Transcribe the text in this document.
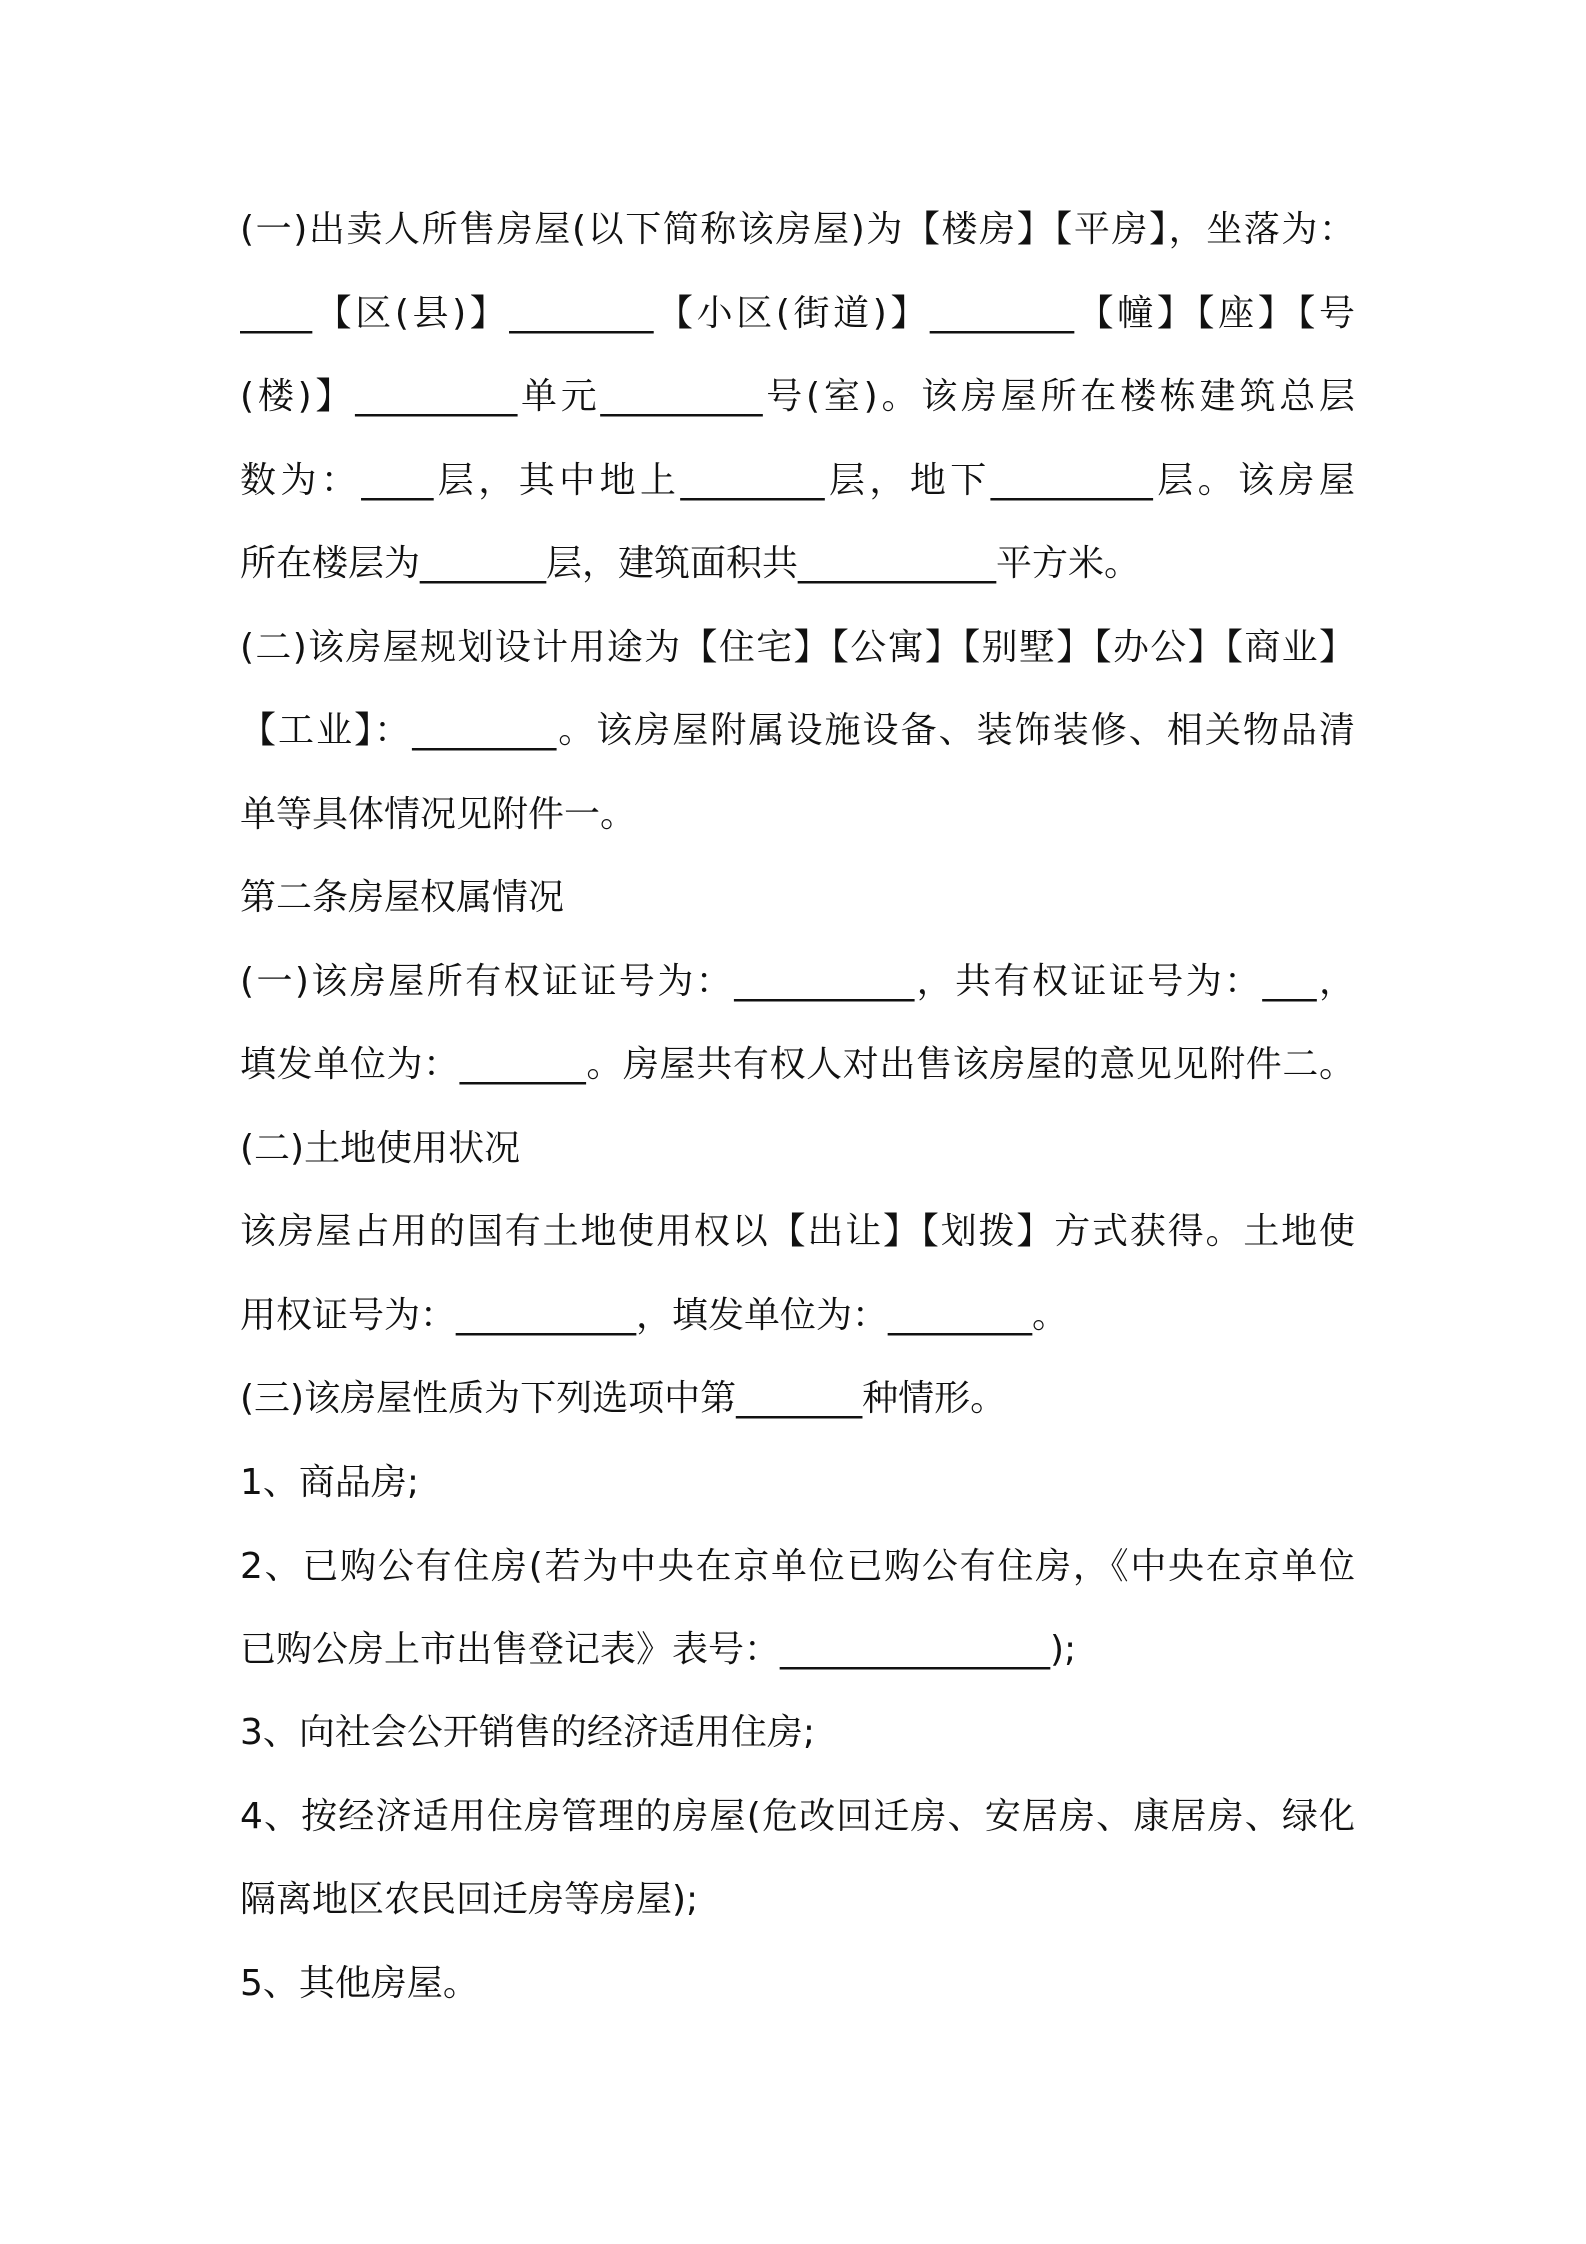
(一)出卖人所售房屋(以下简称该房屋)为【楼房】【平房】，坐落为：
____【区(县)】________【小区(街道)】________【幢】【座】【号
(楼)】_________单元_________号(室)。该房屋所在楼栋建筑总层
数为：____层，其中地上________层，地下_________层。该房屋
所在楼层为_______层，建筑面积共___________平方米。
(二)该房屋规划设计用途为【住宅】【公寓】【别墅】【办公】【商业】
【工业】：________。该房屋附属设施设备、装饰装修、相关物品清
单等具体情况见附件一。
第二条房屋权属情况
(一)该房屋所有权证证号为：__________，共有权证证号为：___，
填发单位为：_______。房屋共有权人对出售该房屋的意见见附件二。
(二)土地使用状况
该房屋占用的国有土地使用权以【出让】【划拨】方式获得。土地使
用权证号为：__________，填发单位为：________。
(三)该房屋性质为下列选项中第_______种情形。
1、商品房;
2、已购公有住房(若为中央在京单位已购公有住房，《中央在京单位
已购公房上市出售登记表》表号：_______________);
3、向社会公开销售的经济适用住房;
4、按经济适用住房管理的房屋(危改回迁房、安居房、康居房、绿化
隔离地区农民回迁房等房屋);
5、其他房屋。
